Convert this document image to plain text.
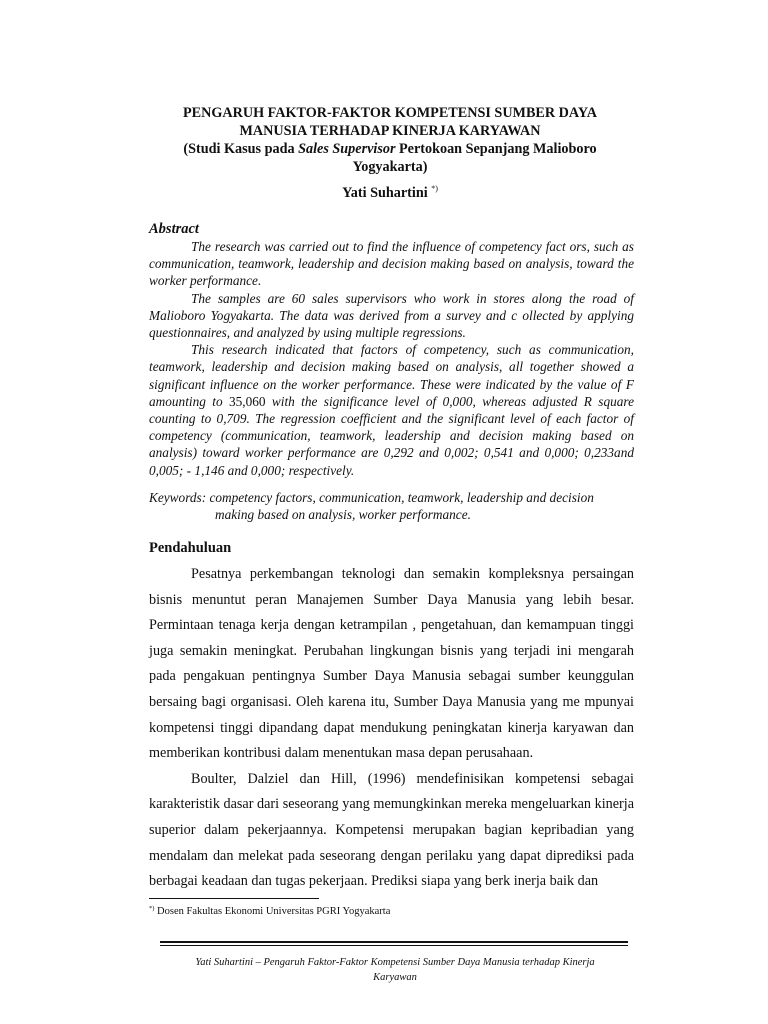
PENGARUH FAKTOR-FAKTOR KOMPETENSI SUMBER DAYA
MANUSIA TERHADAP KINERJA KARYAWAN
(Studi Kasus pada Sales Supervisor Pertokoan Sepanjang Malioboro
Yogyakarta)

Yati Suhartini *)

Abstract

The research was carried out to find the influence of competency fact ors, such as communication, teamwork, leadership and decision making based on analysis, toward the worker performance.

The samples are 60 sales supervisors who work in stores along the road of Malioboro Yogyakarta. The data was derived from a survey and c ollected by applying questionnaires, and analyzed by using multiple regressions.

This research indicated that factors of competency, such as communication, teamwork, leadership and decision making based on analysis, all together showed a significant influence on the worker performance. These were indicated by the value of F amounting to 35,060 with the significance level of 0,000, whereas adjusted R square counting to 0,709. The regression coefficient and the significant level of each factor of competency (communication, teamwork, leadership and decision making based on analysis) toward worker performance are 0,292 and 0,002; 0,541 and 0,000; 0,233and 0,005; - 1,146 and 0,000; respectively.

Keywords: competency factors, communication, teamwork, leadership and decision
making based on analysis, worker performance.
Pendahuluan

Pesatnya perkembangan teknologi dan semakin kompleksnya persaingan bisnis menuntut peran Manajemen Sumber Daya Manusia yang lebih besar. Permintaan tenaga kerja dengan ketrampilan , pengetahuan, dan kemampuan tinggi juga semakin meningkat. Perubahan lingkungan bisnis yang terjadi ini mengarah pada pengakuan pentingnya Sumber Daya Manusia sebagai sumber keunggulan bersaing bagi organisasi. Oleh karena itu, Sumber Daya Manusia yang me mpunyai kompetensi tinggi dipandang dapat mendukung peningkatan kinerja karyawan dan memberikan kontribusi dalam menentukan masa depan perusahaan.

Boulter, Dalziel dan Hill, (1996) mendefinisikan kompetensi sebagai karakteristik dasar dari seseorang yang memungkinkan mereka mengeluarkan kinerja superior dalam pekerjaannya. Kompetensi merupakan bagian kepribadian yang mendalam dan melekat pada seseorang dengan perilaku yang dapat diprediksi pada berbagai keadaan dan tugas pekerjaan. Prediksi siapa yang berk inerja baik dan

*) Dosen Fakultas Ekonomi Universitas PGRI Yogyakarta

Yati Suhartini – Pengaruh Faktor-Faktor Kompetensi Sumber Daya Manusia terhadap Kinerja
Karyawan
